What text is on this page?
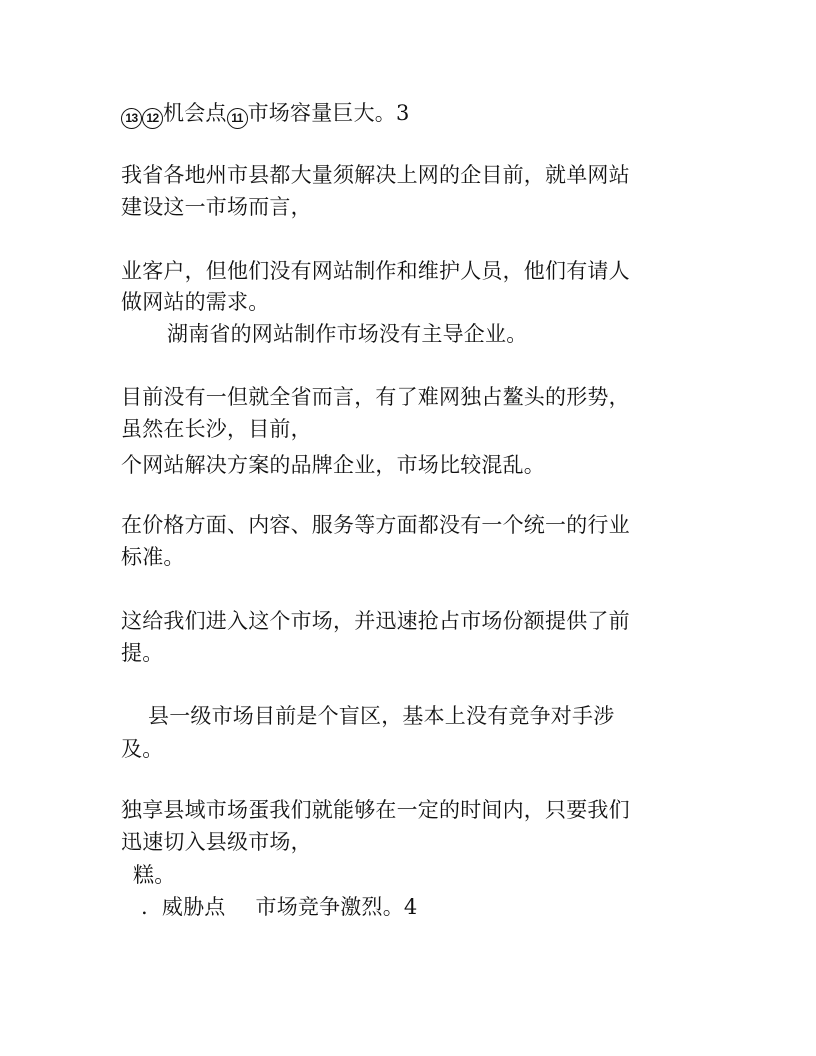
13 12 机会点 11 市场容量巨大。3
我省各地州市县都大量须解决上网的企目前，就单网站
建设这一市场而言，
业客户，但他们没有网站制作和维护人员，他们有请人
做网站的需求。
湖南省的网站制作市场没有主导企业。
目前没有一但就全省而言，有了难网独占鳌头的形势，
虽然在长沙，目前，
个网站解决方案的品牌企业，市场比较混乱。
在价格方面、内容、服务等方面都没有一个统一的行业
标准。
这给我们进入这个市场，并迅速抢占市场份额提供了前
提。
县一级市场目前是个盲区，基本上没有竞争对手涉
及。
独享县域市场蛋我们就能够在一定的时间内，只要我们
迅速切入县级市场，
糕。
. 威胁点 市场竞争激烈。4
